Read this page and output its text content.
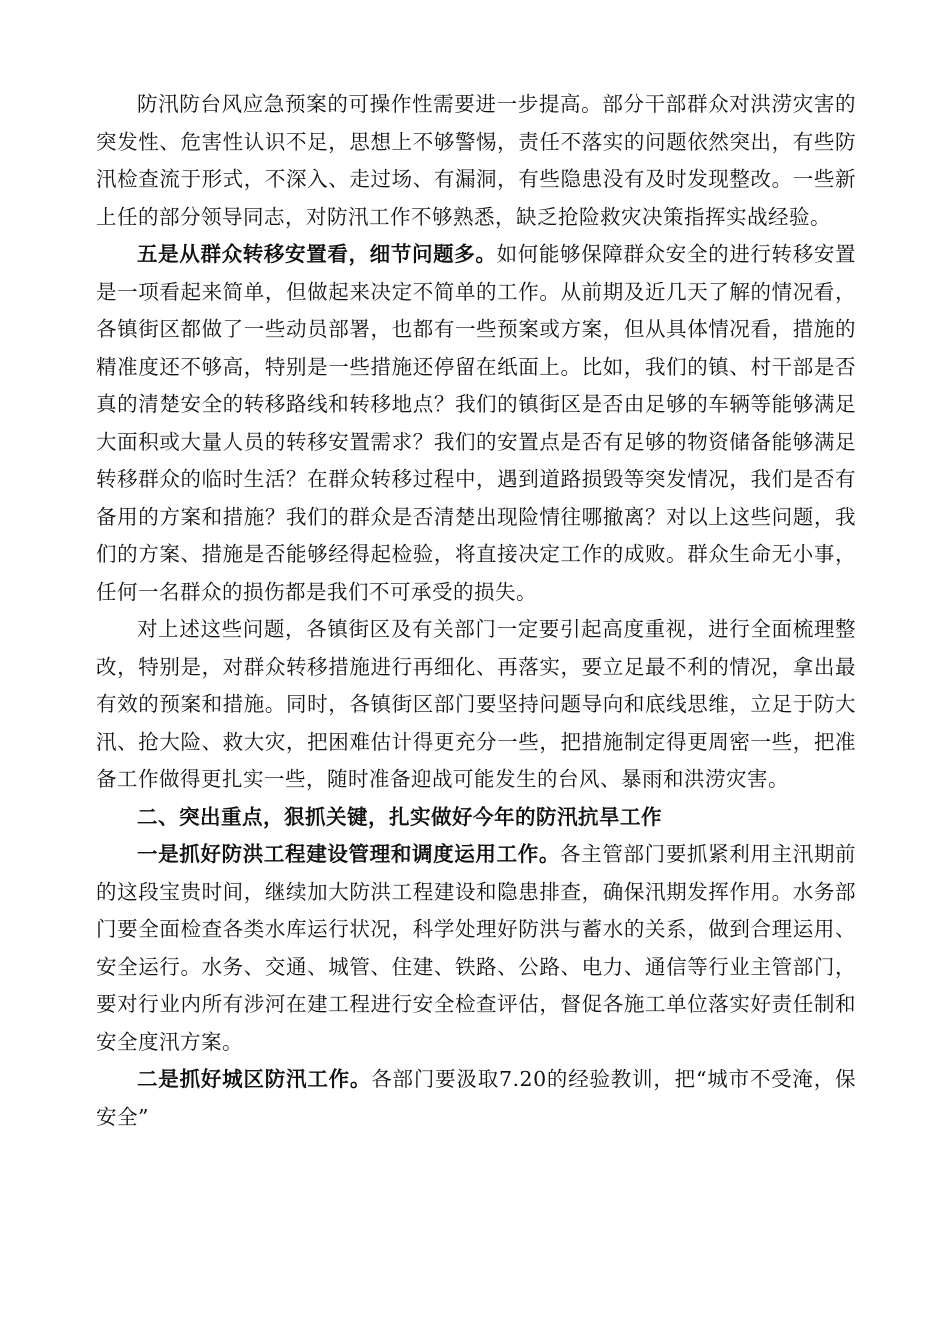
防汛防台风应急预案的可操作性需要进一步提高。部分干部群众对洪涝灾害的突发性、危害性认识不足，思想上不够警惕，责任不落实的问题依然突出，有些防汛检查流于形式，不深入、走过场、有漏洞，有些隐患没有及时发现整改。一些新上任的部分领导同志，对防汛工作不够熟悉，缺乏抢险救灾决策指挥实战经验。

五是从群众转移安置看，细节问题多。如何能够保障群众安全的进行转移安置是一项看起来简单，但做起来决定不简单的工作。从前期及近几天了解的情况看，各镇街区都做了一些动员部署，也都有一些预案或方案，但从具体情况看，措施的精准度还不够高，特别是一些措施还停留在纸面上。比如，我们的镇、村干部是否真的清楚安全的转移路线和转移地点？我们的镇街区是否由足够的车辆等能够满足大面积或大量人员的转移安置需求？我们的安置点是否有足够的物资储备能够满足转移群众的临时生活？在群众转移过程中，遇到道路损毁等突发情况，我们是否有备用的方案和措施？我们的群众是否清楚出现险情往哪撤离？对以上这些问题，我们的方案、措施是否能够经得起检验，将直接决定工作的成败。群众生命无小事，任何一名群众的损伤都是我们不可承受的损失。

对上述这些问题，各镇街区及有关部门一定要引起高度重视，进行全面梳理整改，特别是，对群众转移措施进行再细化、再落实，要立足最不利的情况，拿出最有效的预案和措施。同时，各镇街区部门要坚持问题导向和底线思维，立足于防大汛、抢大险、救大灾，把困难估计得更充分一些，把措施制定得更周密一些，把准备工作做得更扎实一些，随时准备迎战可能发生的台风、暴雨和洪涝灾害。

二、突出重点，狠抓关键，扎实做好今年的防汛抗旱工作

一是抓好防洪工程建设管理和调度运用工作。各主管部门要抓紧利用主汛期前的这段宝贵时间，继续加大防洪工程建设和隐患排查，确保汛期发挥作用。水务部门要全面检查各类水库运行状况，科学处理好防洪与蓄水的关系，做到合理运用、安全运行。水务、交通、城管、住建、铁路、公路、电力、通信等行业主管部门，要对行业内所有涉河在建工程进行安全检查评估，督促各施工单位落实好责任制和安全度汛方案。

二是抓好城区防汛工作。各部门要汲取7.20的经验教训，把“城市不受淹，保安全”
